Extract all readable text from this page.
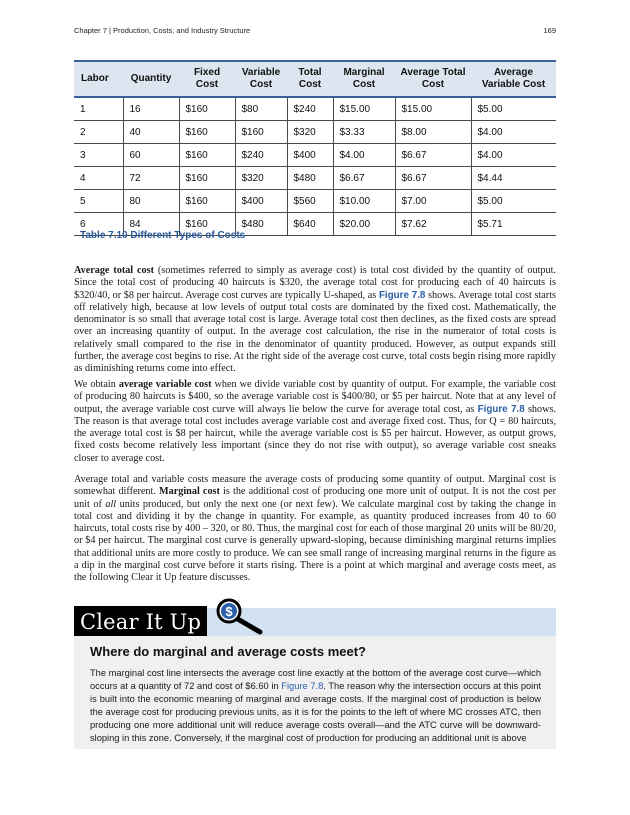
Chapter 7 | Production, Costs, and Industry Structure	169
Labor	Quantity	Fixed Cost	Variable Cost	Total Cost	Marginal Cost	Average Total Cost	Average Variable Cost
1	16	$160	$80	$240	$15.00	$15.00	$5.00
2	40	$160	$160	$320	$3.33	$8.00	$4.00
3	60	$160	$240	$400	$4.00	$6.67	$4.00
4	72	$160	$320	$480	$6.67	$6.67	$4.44
5	80	$160	$400	$560	$10.00	$7.00	$5.00
6	84	$160	$480	$640	$20.00	$7.62	$5.71
Table 7.10 Different Types of Costs

Average total cost (sometimes referred to simply as average cost) is total cost divided by the quantity of output. Since the total cost of producing 40 haircuts is $320, the average total cost for producing each of 40 haircuts is $320/40, or $8 per haircut. Average cost curves are typically U-shaped, as Figure 7.8 shows. Average total cost starts off relatively high, because at low levels of output total costs are dominated by the fixed cost. Mathematically, the denominator is so small that average total cost is large. Average total cost then declines, as the fixed costs are spread over an increasing quantity of output. In the average cost calculation, the rise in the numerator of total costs is relatively small compared to the rise in the denominator of quantity produced. However, as output expands still further, the average cost begins to rise. At the right side of the average cost curve, total costs begin rising more rapidly as diminishing returns come into effect.

We obtain average variable cost when we divide variable cost by quantity of output. For example, the variable cost of producing 80 haircuts is $400, so the average variable cost is $400/80, or $5 per haircut. Note that at any level of output, the average variable cost curve will always lie below the curve for average total cost, as Figure 7.8 shows. The reason is that average total cost includes average variable cost and average fixed cost. Thus, for Q = 80 haircuts, the average total cost is $8 per haircut, while the average variable cost is $5 per haircut. However, as output grows, fixed costs become relatively less important (since they do not rise with output), so average variable cost sneaks closer to average cost.

Average total and variable costs measure the average costs of producing some quantity of output. Marginal cost is somewhat different. Marginal cost is the additional cost of producing one more unit of output. It is not the cost per unit of all units produced, but only the next one (or next few). We calculate marginal cost by taking the change in total cost and dividing it by the change in quantity. For example, as quantity produced increases from 40 to 60 haircuts, total costs rise by 400 – 320, or 80. Thus, the marginal cost for each of those marginal 20 units will be 80/20, or $4 per haircut. The marginal cost curve is generally upward-sloping, because diminishing marginal returns implies that additional units are more costly to produce. We can see small range of increasing marginal returns in the figure as a dip in the marginal cost curve before it starts rising. There is a point at which marginal and average costs meet, as the following Clear it Up feature discusses.

Clear It Up	$
Where do marginal and average costs meet?
The marginal cost line intersects the average cost line exactly at the bottom of the average cost curve—which occurs at a quantity of 72 and cost of $6.60 in Figure 7.8. The reason why the intersection occurs at this point is built into the economic meaning of marginal and average costs. If the marginal cost of production is below the average cost for producing previous units, as it is for the points to the left of where MC crosses ATC, then producing one more additional unit will reduce average costs overall—and the ATC curve will be downward-sloping in this zone. Conversely, if the marginal cost of production for producing an additional unit is above
